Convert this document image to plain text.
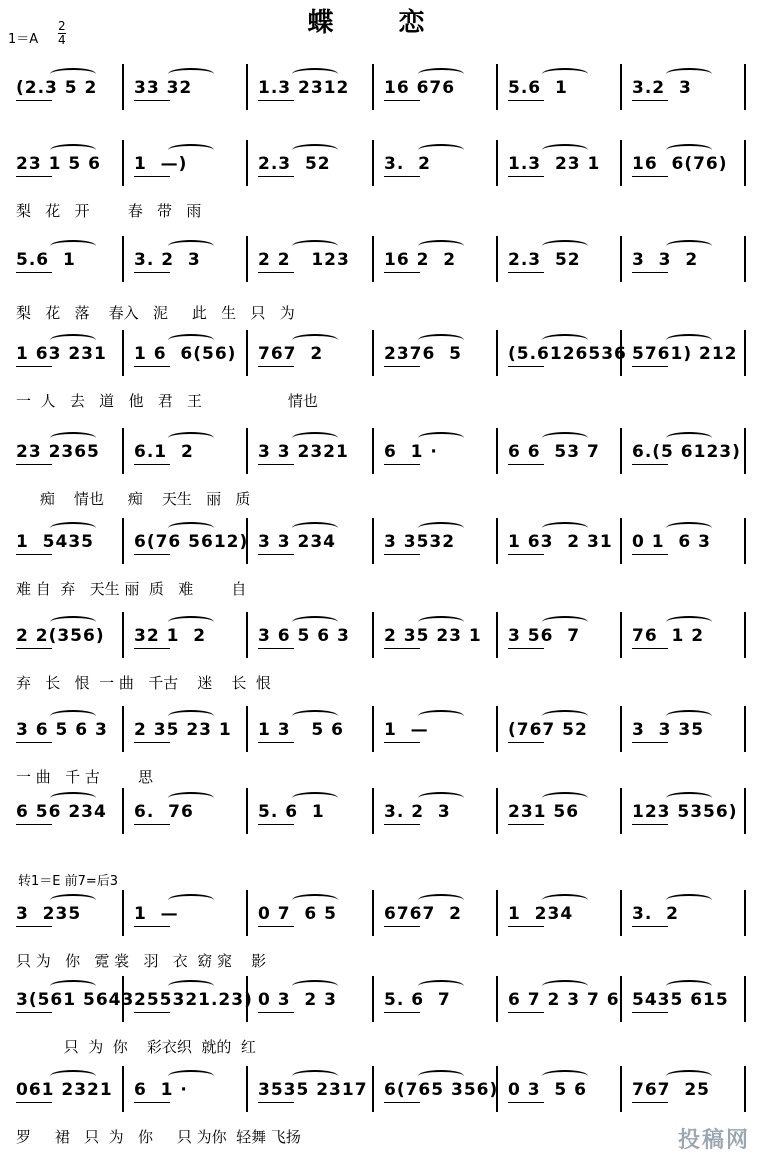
蝶 恋
1＝A
2
4
(2.3 5 2 33 32	1.3 2312 16 676	5.6  1	3.2  3
23 1 5 6 1  —)	2.3  52	3.  2	1.3  23 1 16  6(76)
梨   花   开        春   带   雨
5.6  1	3. 2  3	2 2   123 16 2  2	2.3  52	3  3  2
梨   花   落    春入   泥     此   生   只   为
1 63 231 1 6  6(56) 767  2	2376  5	(5.6126536 5761) 212
一  人   去   道   他   君   王                  情也
23 2365 6.1  2	3 3 2321 6  1 ·	6 6  53 7 6.(5 6123)
痴    情也     痴    天生   丽   质
1  5435 6(76 5612) 3 3 234	3 3532	1 63  2 31 0 1  6 3
难 自  弃   天生 丽  质   难        自
2 2(356) 32 1  2	3 6 5 6 3 2 35 23 1 3 56  7	76  1 2
弃   长   恨  一 曲   千古    迷    长  恨
3 6 5 6 3 2 35 23 1 1 3   5 6 1  —	(767 52	3  3 35
一 曲   千 古        思
6 56 234 6.  76	5. 6  1	3. 2  3	231 56	123 5356)
3  235	1  —	0 7  6 5	6767  2	1  234	3.  2
只 为   你   霓 裳   羽   衣  窈 窕    影
3(561 5643 255321.23) 0 3  2 3	5. 6  7	6 7 2 3 7 6 5435 615
只  为  你    彩衣织  就的  红
061 2321 6  1 ·	3535 2317 6(765 356) 0 3  5 6	767  25
罗     裙   只  为   你     只 为你  轻舞 飞扬
转1＝E 前7=后3
投稿网
